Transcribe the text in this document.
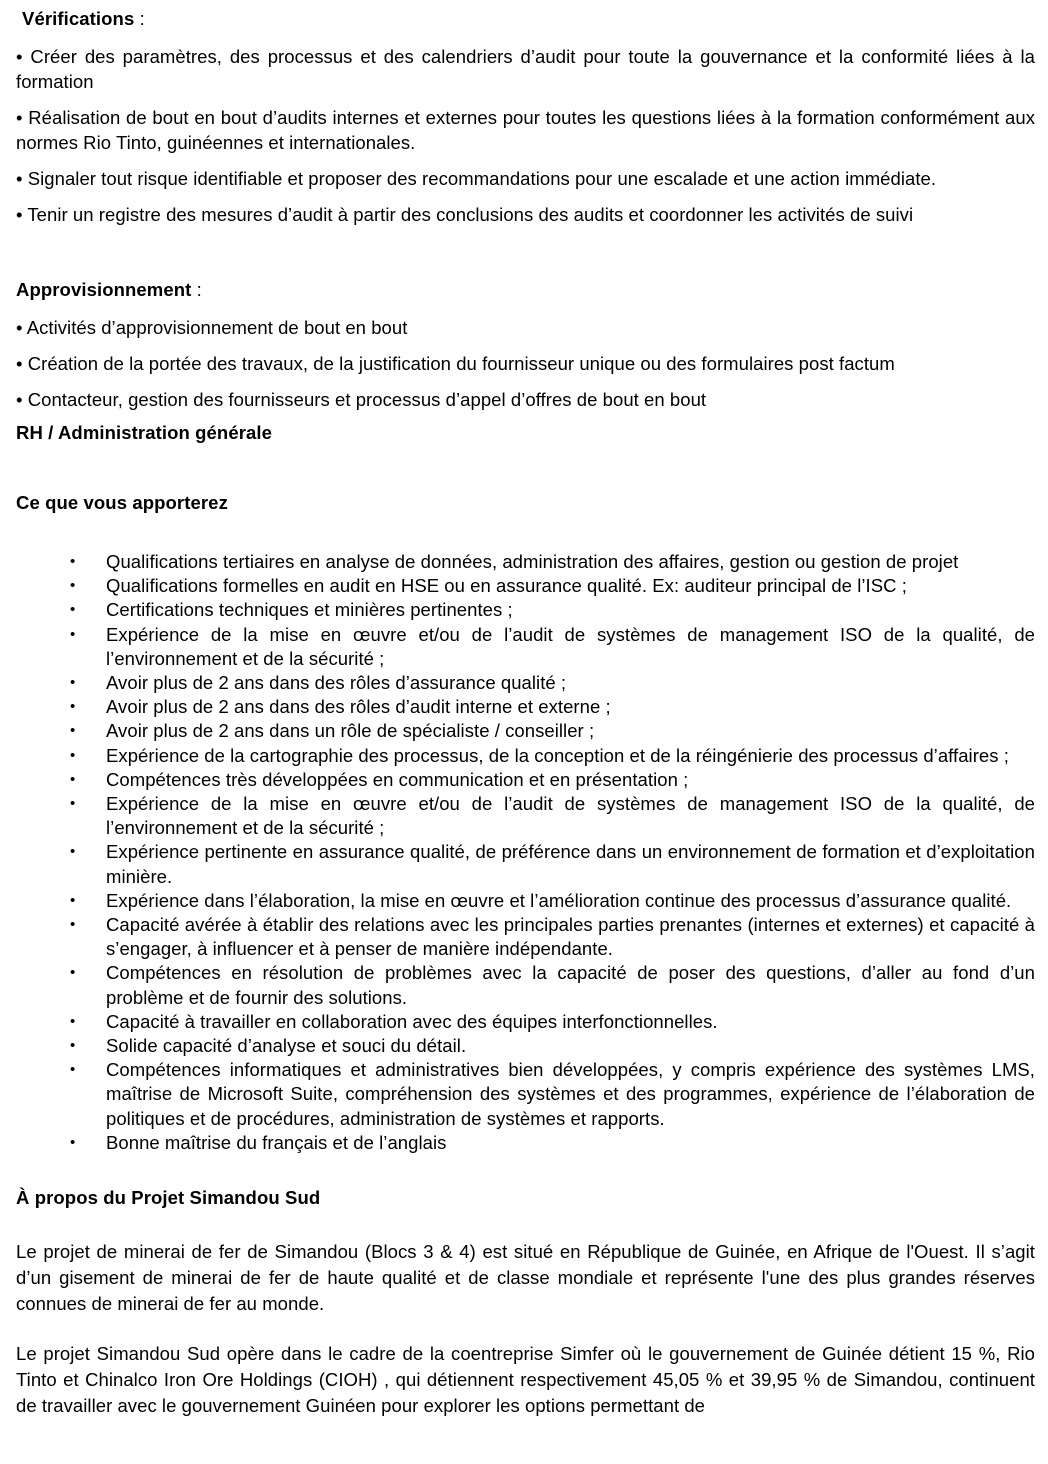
Vérifications :

• Créer des paramètres, des processus et des calendriers d’audit pour toute la gouvernance et la conformité liées à la formation

• Réalisation de bout en bout d’audits internes et externes pour toutes les questions liées à la formation conformément aux normes Rio Tinto, guinéennes et internationales.

• Signaler tout risque identifiable et proposer des recommandations pour une escalade et une action immédiate.

• Tenir un registre des mesures d’audit à partir des conclusions des audits et coordonner les activités de suivi

Approvisionnement :

• Activités d’approvisionnement de bout en bout

• Création de la portée des travaux, de la justification du fournisseur unique ou des formulaires post factum

• Contacteur, gestion des fournisseurs et processus d’appel d’offres de bout en bout

RH / Administration générale
Ce que vous apporterez
• Qualifications tertiaires en analyse de données, administration des affaires, gestion ou gestion de projet
• Qualifications formelles en audit en HSE ou en assurance qualité. Ex: auditeur principal de l’ISC ;
• Certifications techniques et minières pertinentes ;
• Expérience de la mise en œuvre et/ou de l’audit de systèmes de management ISO de la qualité, de l’environnement et de la sécurité ;
• Avoir plus de 2 ans dans des rôles d’assurance qualité ;
• Avoir plus de 2 ans dans des rôles d’audit interne et externe ;
• Avoir plus de 2 ans dans un rôle de spécialiste / conseiller ;
• Expérience de la cartographie des processus, de la conception et de la réingénierie des processus d’affaires ;
• Compétences très développées en communication et en présentation ;
• Expérience de la mise en œuvre et/ou de l’audit de systèmes de management ISO de la qualité, de l’environnement et de la sécurité ;
• Expérience pertinente en assurance qualité, de préférence dans un environnement de formation et d’exploitation minière.
• Expérience dans l’élaboration, la mise en œuvre et l’amélioration continue des processus d’assurance qualité.
• Capacité avérée à établir des relations avec les principales parties prenantes (internes et externes) et capacité à s’engager, à influencer et à penser de manière indépendante.
• Compétences en résolution de problèmes avec la capacité de poser des questions, d’aller au fond d’un problème et de fournir des solutions.
• Capacité à travailler en collaboration avec des équipes interfonctionnelles.
• Solide capacité d’analyse et souci du détail.
• Compétences informatiques et administratives bien développées, y compris expérience des systèmes LMS, maîtrise de Microsoft Suite, compréhension des systèmes et des programmes, expérience de l’élaboration de politiques et de procédures, administration de systèmes et rapports.
• Bonne maîtrise du français et de l’anglais
À propos du Projet Simandou Sud

Le projet de minerai de fer de Simandou (Blocs 3 & 4) est situé en République de Guinée, en Afrique de l'Ouest. Il s’agit d’un gisement de minerai de fer de haute qualité et de classe mondiale et représente l'une des plus grandes réserves connues de minerai de fer au monde.

Le projet Simandou Sud opère dans le cadre de la coentreprise Simfer où le gouvernement de Guinée détient 15 %, Rio Tinto et Chinalco Iron Ore Holdings (CIOH) , qui détiennent respectivement 45,05 % et 39,95 % de Simandou, continuent de travailler avec le gouvernement Guinéen pour explorer les options permettant de
